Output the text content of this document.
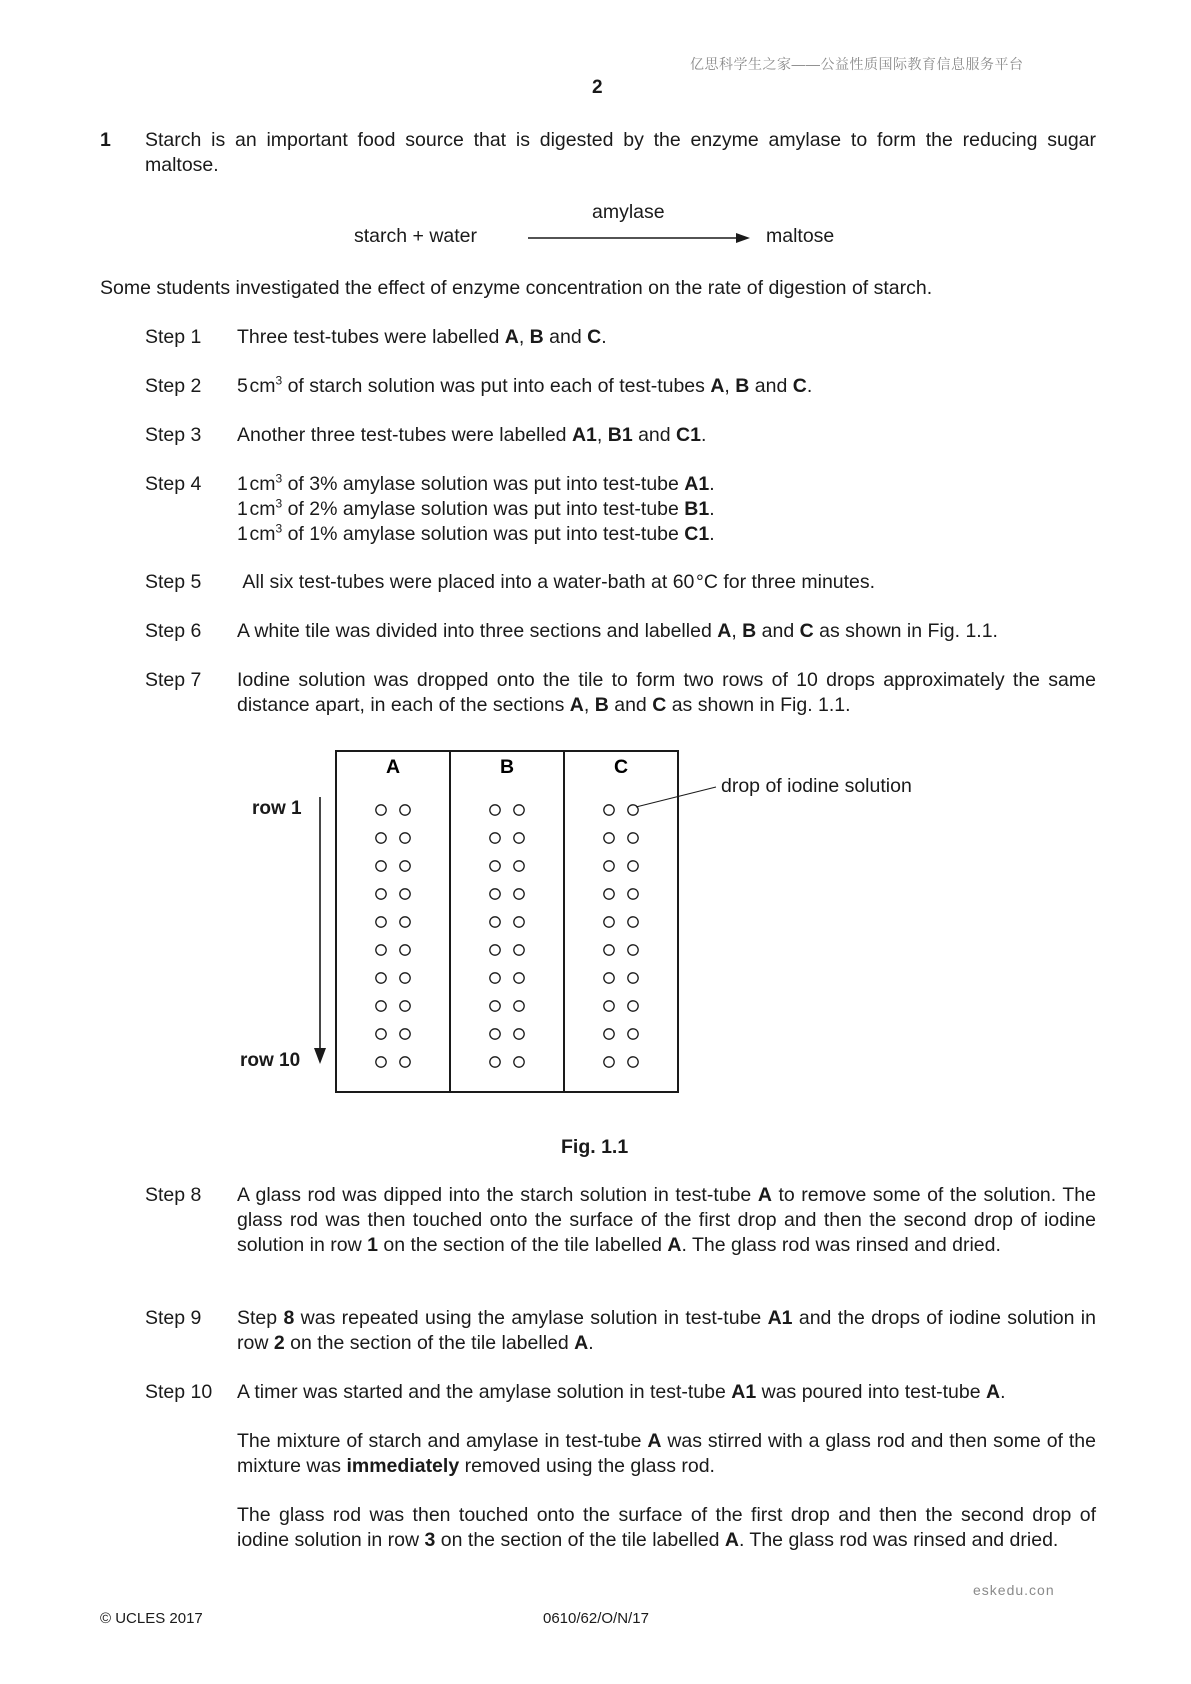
亿思科学生之家——公益性质国际教育信息服务平台
2
1 Starch is an important food source that is digested by the enzyme amylase to form the reducing sugar maltose.
starch + water
amylase
maltose
Some students investigated the effect of enzyme concentration on the rate of digestion of starch.
Step 1	Three test-tubes were labelled A, B and C.
Step 2	5 $cm^3$ of starch solution was put into each of test-tubes A, B and C.
Step 3	Another three test-tubes were labelled A1, B1 and C1.
Step 4	1 $cm^3$ of 3% amylase solution was put into test-tube A1.
1 $cm^3$ of 2% amylase solution was put into test-tube B1.
1 $cm^3$ of 1% amylase solution was put into test-tube C1.
Step 5	All six test-tubes were placed into a water-bath at 60 °C for three minutes.
Step 6	A white tile was divided into three sections and labelled A, B and C as shown in Fig. 1.1.
Step 7	Iodine solution was dropped onto the tile to form two rows of 10 drops approximately the same distance apart, in each of the sections A, B and C as shown in Fig. 1.1.
row 1
row 10
drop of iodine solution
A	B	C
Fig. 1.1
Step 8	A glass rod was dipped into the starch solution in test-tube A to remove some of the solution. The glass rod was then touched onto the surface of the first drop and then the second drop of iodine solution in row 1 on the section of the tile labelled A. The glass rod was rinsed and dried.
Step 9	Step 8 was repeated using the amylase solution in test-tube A1 and the drops of iodine solution in row 2 on the section of the tile labelled A.
Step 10	A timer was started and the amylase solution in test-tube A1 was poured into test-tube A.

The mixture of starch and amylase in test-tube A was stirred with a glass rod and then some of the mixture was immediately removed using the glass rod.

The glass rod was then touched onto the surface of the first drop and then the second drop of iodine solution in row 3 on the section of the tile labelled A. The glass rod was rinsed and dried.

eskedu.con
© UCLES 2017	0610/62/O/N/17
